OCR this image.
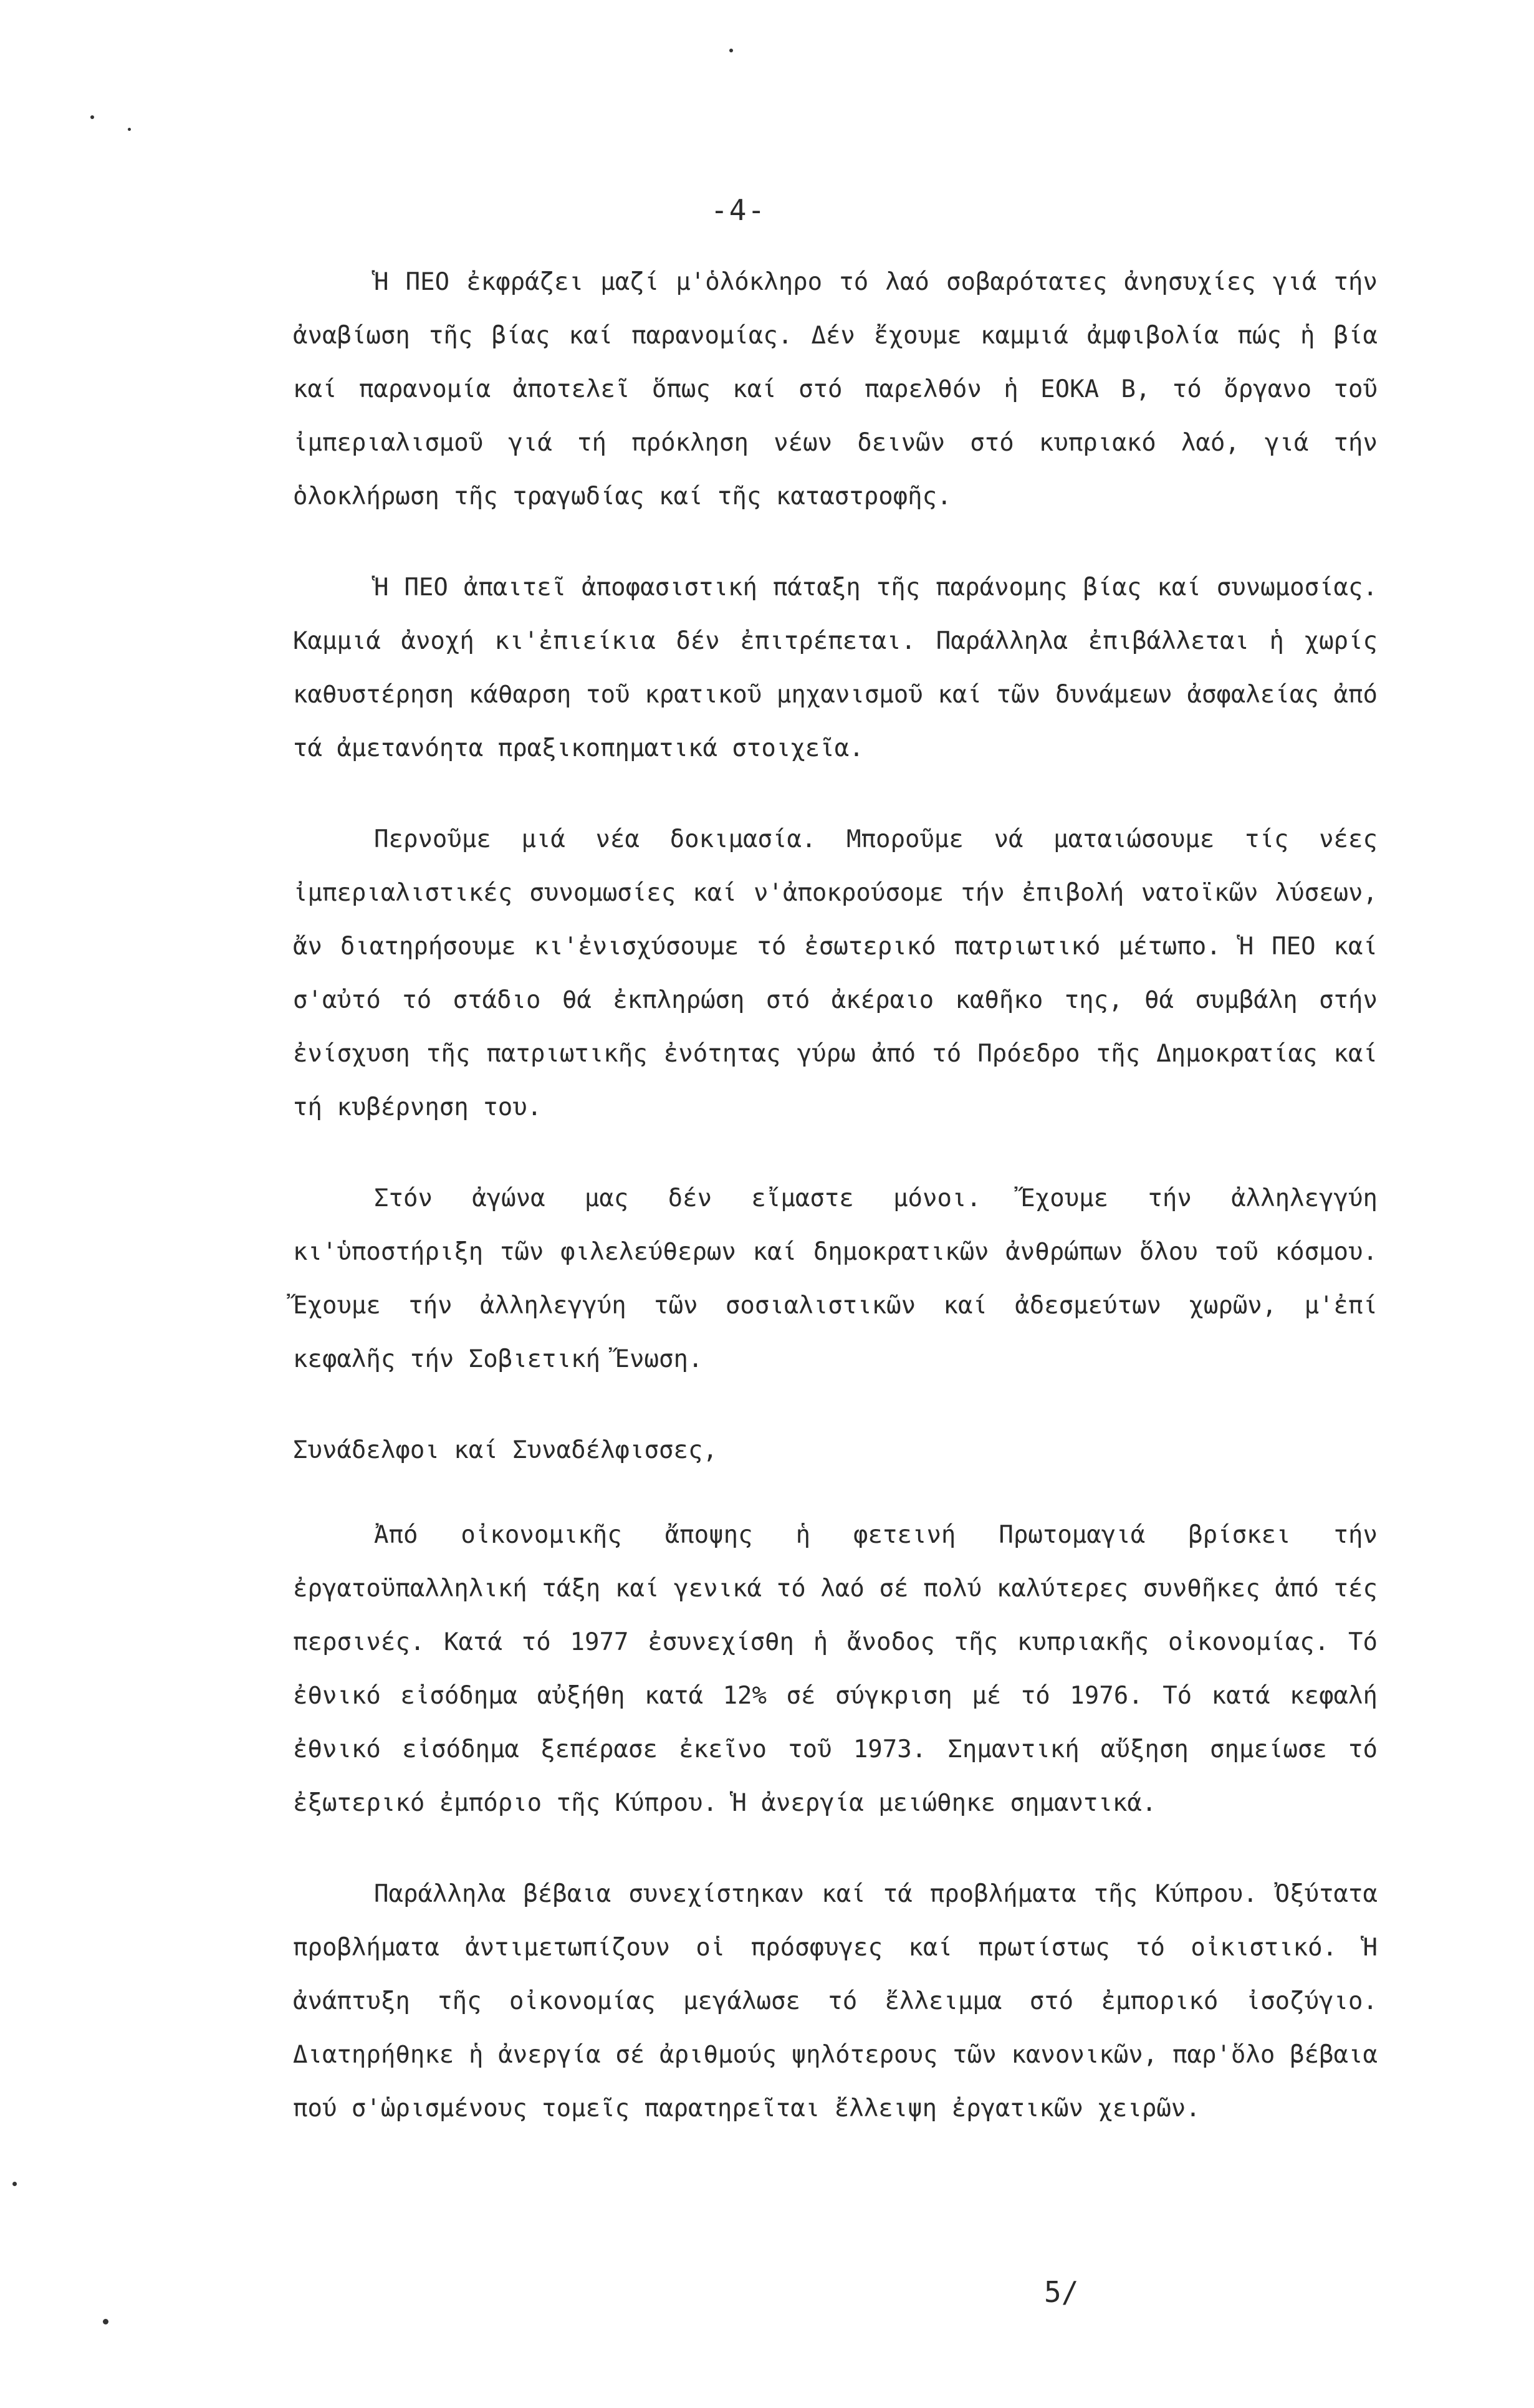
-4-

Ἡ ΠΕΟ ἐκφράζει μαζί μ'ὁλόκληρο τό λαό σοβαρότατες ἀνησυχίες γιά τήν ἀναβίωση τῆς βίας καί παρανομίας. Δέν ἔχουμε καμμιά ἀμφιβολία πώς ἡ βία καί παρανομία ἀποτελεῖ ὅπως καί στό παρελθόν ἡ ΕΟΚΑ Β, τό ὄργανο τοῦ ἰμπεριαλισμοῦ γιά τή πρόκληση νέων δεινῶν στό κυπριακό λαό, γιά τήν ὁλοκλήρωση τῆς τραγωδίας καί τῆς καταστροφῆς.

Ἡ ΠΕΟ ἀπαιτεῖ ἀποφασιστική πάταξη τῆς παράνομης βίας καί συνωμοσίας. Καμμιά ἀνοχή κι'ἐπιείκια δέν ἐπιτρέπεται. Παράλληλα ἐπιβάλλεται ἡ χωρίς καθυστέρηση κάθαρση τοῦ κρατικοῦ μηχανισμοῦ καί τῶν δυνάμεων ἀσφαλείας ἀπό τά ἀμετανόητα πραξικοπηματικά στοιχεῖα.

Περνοῦμε μιά νέα δοκιμασία. Μποροῦμε νά ματαιώσουμε τίς νέες ἰμπεριαλιστικές συνομωσίες καί ν'ἀποκρούσομε τήν ἐπιβολή νατοϊκῶν λύσεων, ἄν διατηρήσουμε κι'ἐνισχύσουμε τό ἐσωτερικό πατριωτικό μέτωπο. Ἡ ΠΕΟ καί σ'αὐτό τό στάδιο θά ἐκπληρώση στό ἀκέραιο καθῆκο της, θά συμβάλη στήν ἐνίσχυση τῆς πατριωτικῆς ἐνότητας γύρω ἀπό τό Πρόεδρο τῆς Δημοκρατίας καί τή κυβέρνηση του.

Στόν ἀγώνα μας δέν εἴμαστε μόνοι. Ἔχουμε τήν ἀλληλεγγύη κι'ὑποστήριξη τῶν φιλελεύθερων καί δημοκρατικῶν ἀνθρώπων ὅλου τοῦ κόσμου. Ἔχουμε τήν ἀλληλεγγύη τῶν σοσιαλιστικῶν καί ἀδεσμεύτων χωρῶν, μ'ἐπί κεφαλῆς τήν Σοβιετική Ἔνωση.

Συνάδελφοι καί Συναδέλφισσες,

Ἀπό οἰκονομικῆς ἄποψης ἡ φετεινή Πρωτομαγιά βρίσκει τήν ἐργατοϋπαλληλική τάξη καί γενικά τό λαό σέ πολύ καλύτερες συνθῆκες ἀπό τές περσινές. Κατά τό 1977 ἐσυνεχίσθη ἡ ἄνοδος τῆς κυπριακῆς οἰκονομίας. Τό ἐθνικό εἰσόδημα αὐξήθη κατά 12% σέ σύγκριση μέ τό 1976. Τό κατά κεφαλή ἐθνικό εἰσόδημα ξεπέρασε ἐκεῖνο τοῦ 1973. Σημαντική αὔξηση σημείωσε τό ἐξωτερικό ἐμπόριο τῆς Κύπρου. Ἡ ἀνεργία μειώθηκε σημαντικά.

Παράλληλα βέβαια συνεχίστηκαν καί τά προβλήματα τῆς Κύπρου. Ὀξύτατα προβλήματα ἀντιμετωπίζουν οἱ πρόσφυγες καί πρωτίστως τό οἰκιστικό. Ἡ ἀνάπτυξη τῆς οἰκονομίας μεγάλωσε τό ἔλλειμμα στό ἐμπορικό ἰσοζύγιο. Διατηρήθηκε ἡ ἀνεργία σέ ἀριθμούς ψηλότερους τῶν κανονικῶν, παρ'ὅλο βέβαια πού σ'ὡρισμένους τομεῖς παρατηρεῖται ἔλλειψη ἐργατικῶν χειρῶν.

5/
